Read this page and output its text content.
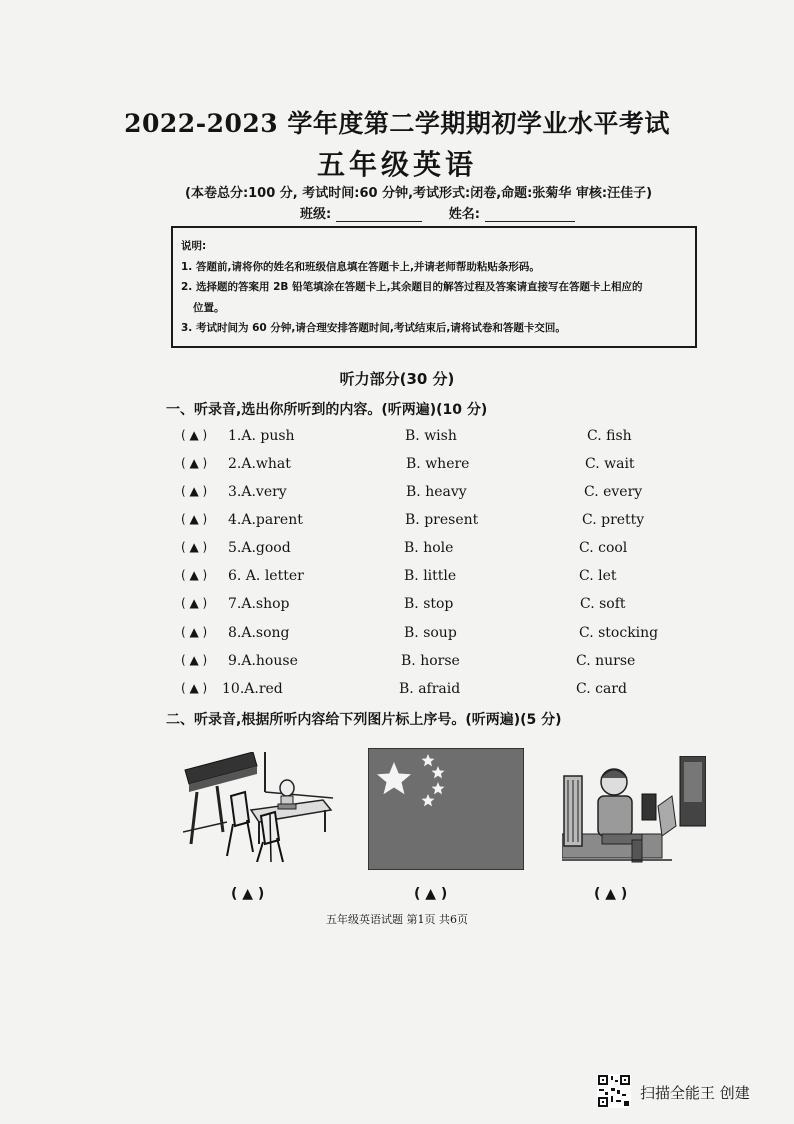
2022-2023 学年度第二学期期初学业水平考试
五年级英语
(本卷总分:100 分, 考试时间:60 分钟,考试形式:闭卷,命题:张菊华 审核:汪佳子)
班级:	姓名:
说明:
1. 答题前,请将你的姓名和班级信息填在答题卡上,并请老师帮助粘贴条形码。
2. 选择题的答案用 2B 铅笔填涂在答题卡上,其余题目的解答过程及答案请直接写在答题卡上相应的
位置。
3. 考试时间为 60 分钟,请合理安排答题时间,考试结束后,请将试卷和答题卡交回。
听力部分(30 分)
一、听录音,选出你所听到的内容。(听两遍)(10 分)
( ▲ ) 1.A. push	B. wish	C. fish
( ▲ ) 2.A.what	B. where	C. wait
( ▲ ) 3.A.very	B. heavy	C. every
( ▲ ) 4.A.parent	B. present	C. pretty
( ▲ ) 5.A.good	B. hole	C. cool
( ▲ ) 6. A. letter	B. little	C. let
( ▲ ) 7.A.shop	B. stop	C. soft
( ▲ ) 8.A.song	B. soup	C. stocking
( ▲ ) 9.A.house	B. horse	C. nurse
( ▲ ) 10.A.red	B. afraid	C. card
二、听录音,根据所听内容给下列图片标上序号。(听两遍)(5 分)
( ▲ )	( ▲ )	( ▲ )
五年级英语试题 第1页 共6页
扫描全能王 创建
